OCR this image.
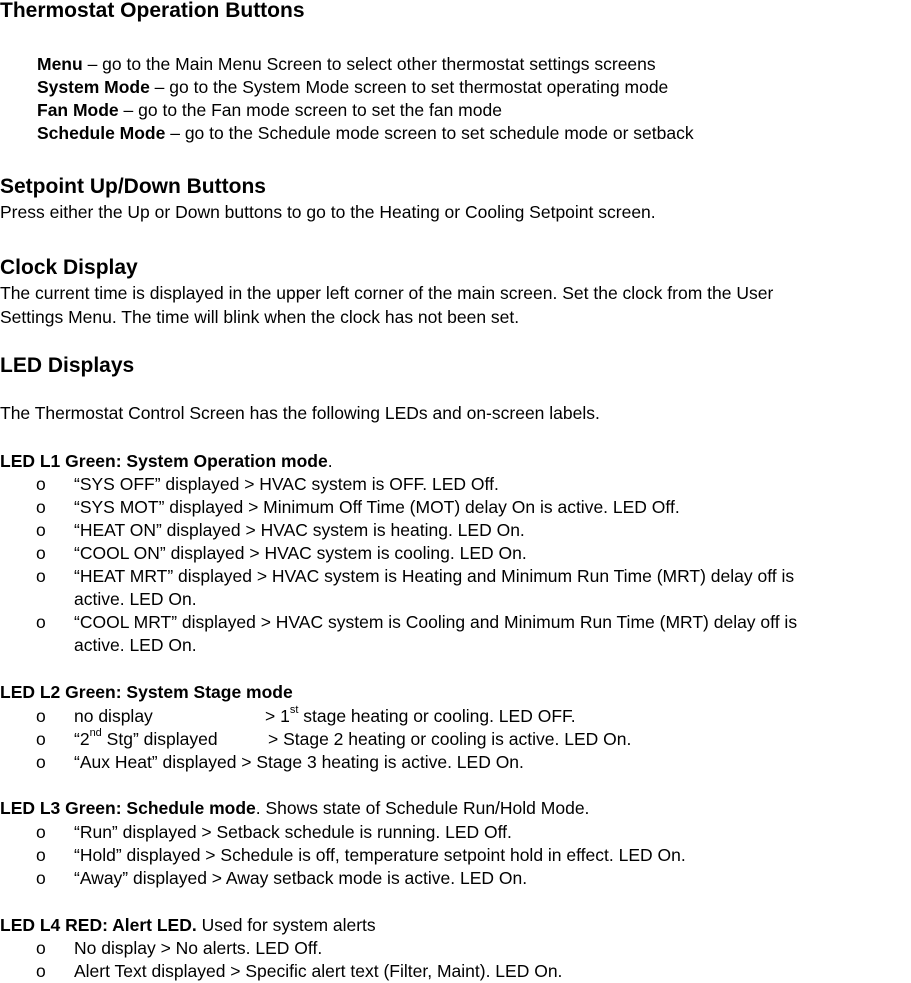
Thermostat Operation Buttons
Menu – go to the Main Menu Screen to select other thermostat settings screens
System Mode – go to the System Mode screen to set thermostat operating mode
Fan Mode – go to the Fan mode screen to set the fan mode
Schedule Mode – go to the Schedule mode screen to set schedule mode or setback
Setpoint Up/Down Buttons
Press either the Up or Down buttons to go to the Heating or Cooling Setpoint screen.
Clock Display
The current time is displayed in the upper left corner of the main screen. Set the clock from the User
Settings Menu. The time will blink when the clock has not been set.
LED Displays
The Thermostat Control Screen has the following LEDs and on-screen labels.
LED L1 Green: System Operation mode.
o “SYS OFF” displayed > HVAC system is OFF. LED Off.
o “SYS MOT” displayed > Minimum Off Time (MOT) delay On is active. LED Off.
o “HEAT ON” displayed > HVAC system is heating. LED On.
o “COOL ON” displayed > HVAC system is cooling. LED On.
o “HEAT MRT” displayed > HVAC system is Heating and Minimum Run Time (MRT) delay off is
active. LED On.
o “COOL MRT” displayed > HVAC system is Cooling and Minimum Run Time (MRT) delay off is
active. LED On.
LED L2 Green: System Stage mode
o no display	> 1st stage heating or cooling. LED OFF.
o “2nd Stg” displayed	> Stage 2 heating or cooling is active. LED On.
o “Aux Heat” displayed > Stage 3 heating is active. LED On.
LED L3 Green: Schedule mode. Shows state of Schedule Run/Hold Mode.
o “Run” displayed > Setback schedule is running. LED Off.
o “Hold” displayed > Schedule is off, temperature setpoint hold in effect. LED On.
o “Away” displayed > Away setback mode is active. LED On.
LED L4 RED: Alert LED. Used for system alerts
o No display > No alerts. LED Off.
o Alert Text displayed > Specific alert text (Filter, Maint). LED On.
